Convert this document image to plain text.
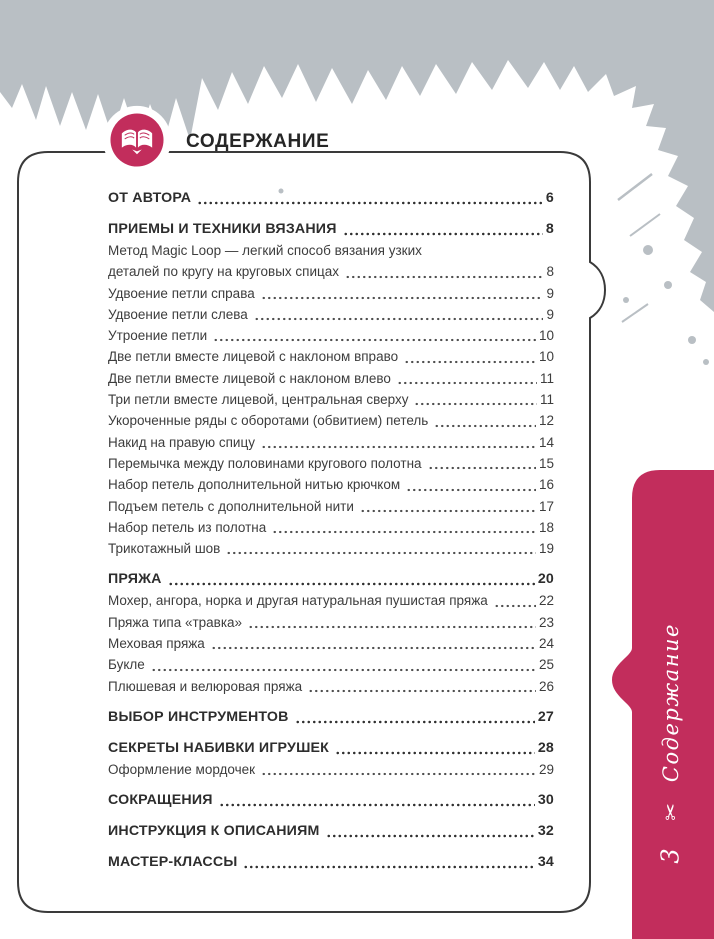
СОДЕРЖАНИЕ
ОТ АВТОРА	6
ПРИЕМЫ И ТЕХНИКИ ВЯЗАНИЯ	8
Метод Magic Loop — легкий способ вязания узких
деталей по кругу на круговых спицах	8
Удвоение петли справа	9
Удвоение петли слева	9
Утроение петли	10
Две петли вместе лицевой с наклоном вправо	10
Две петли вместе лицевой с наклоном влево	11
Три петли вместе лицевой, центральная сверху	11
Укороченные ряды с оборотами (обвитием) петель	12
Накид на правую спицу	14
Перемычка между половинами кругового полотна	15
Набор петель дополнительной нитью крючком	16
Подъем петель с дополнительной нити	17
Набор петель из полотна	18
Трикотажный шов	19
ПРЯЖА	20
Мохер, ангора, норка и другая натуральная пушистая пряжа	22
Пряжа типа «травка»	23
Меховая пряжа	24
Букле	25
Плюшевая и велюровая пряжа	26
ВЫБОР ИНСТРУМЕНТОВ	27
СЕКРЕТЫ НАБИВКИ ИГРУШЕК	28
Оформление мордочек	29
СОКРАЩЕНИЯ	30
ИНСТРУКЦИЯ К ОПИСАНИЯМ	32
МАСТЕР-КЛАССЫ	34
Содержание
✂
3
